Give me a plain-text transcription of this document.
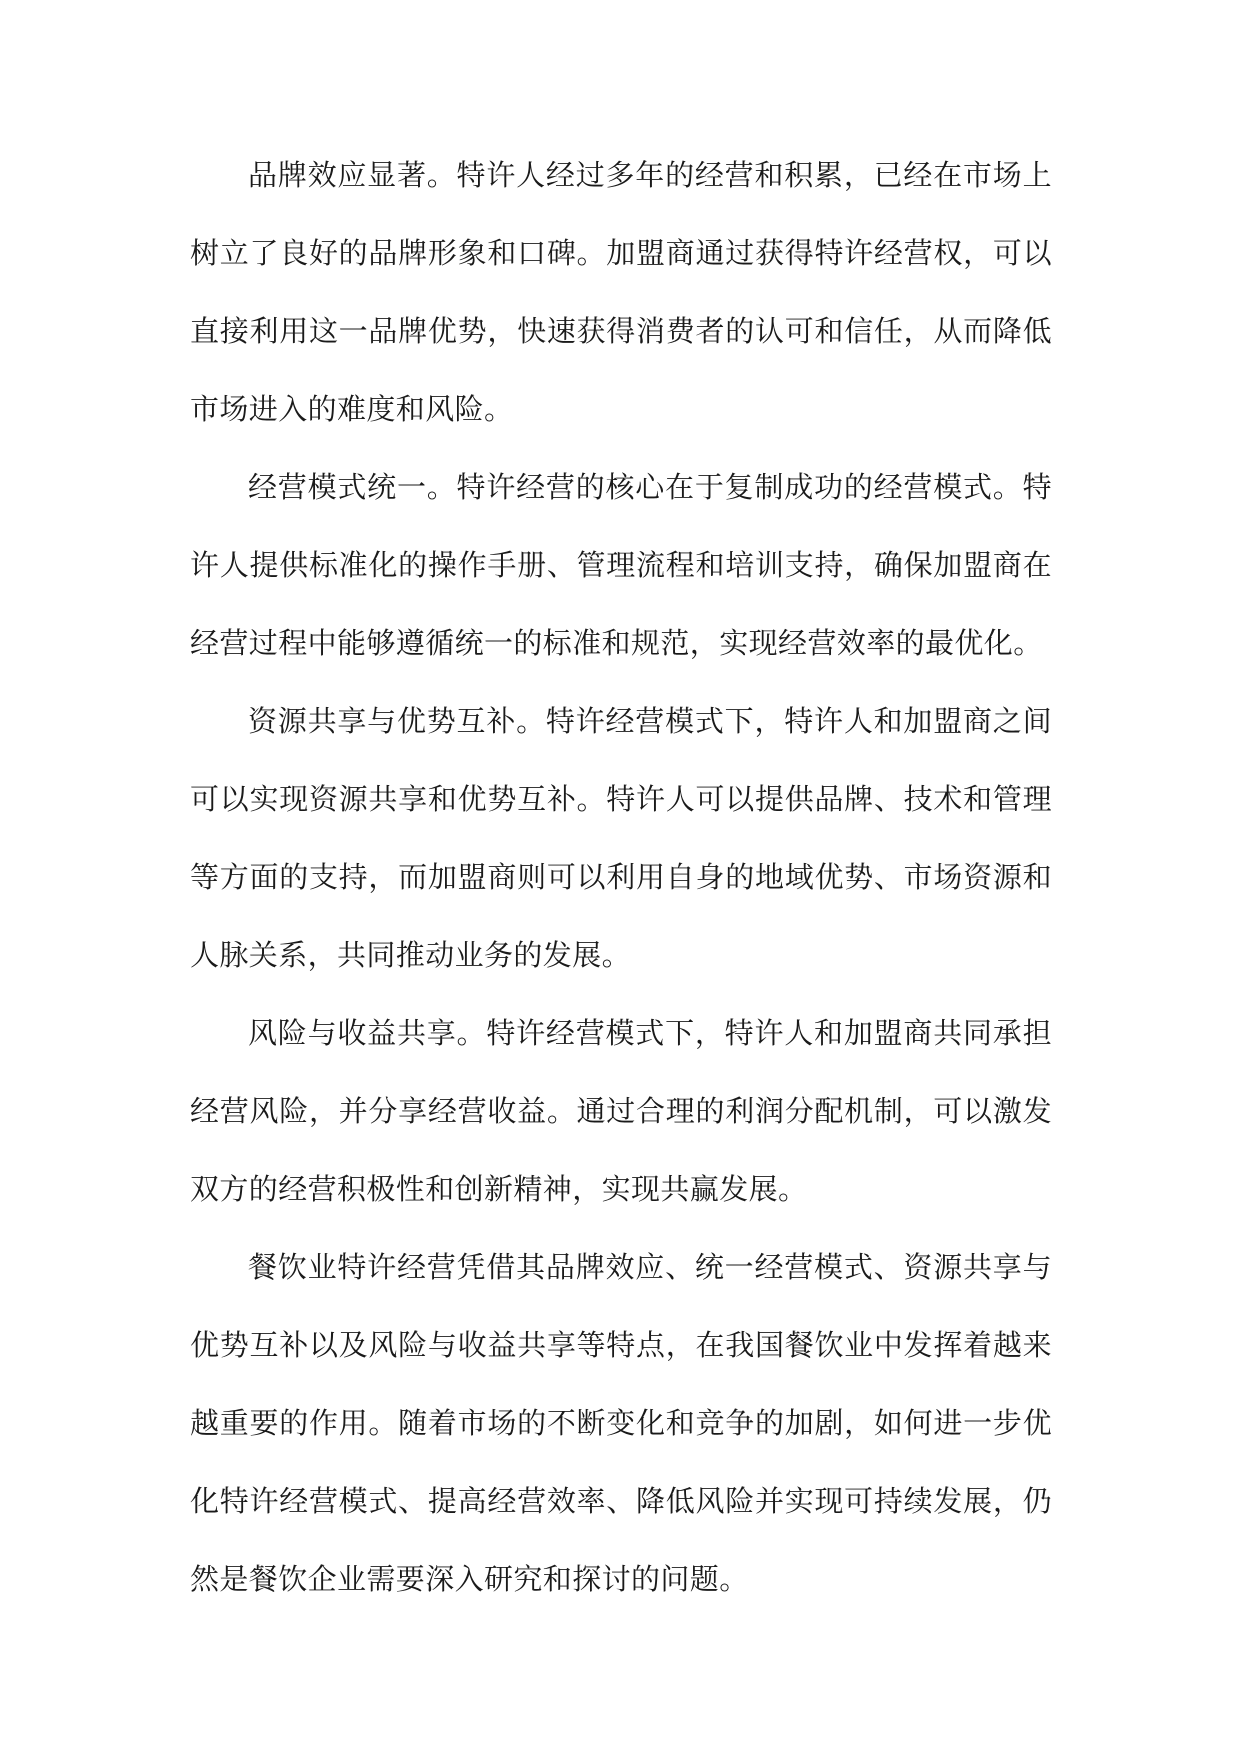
品牌效应显著。特许人经过多年的经营和积累，已经在市场上树立了良好的品牌形象和口碑。加盟商通过获得特许经营权，可以直接利用这一品牌优势，快速获得消费者的认可和信任，从而降低市场进入的难度和风险。

经营模式统一。特许经营的核心在于复制成功的经营模式。特许人提供标准化的操作手册、管理流程和培训支持，确保加盟商在经营过程中能够遵循统一的标准和规范，实现经营效率的最优化。

资源共享与优势互补。特许经营模式下，特许人和加盟商之间可以实现资源共享和优势互补。特许人可以提供品牌、技术和管理等方面的支持，而加盟商则可以利用自身的地域优势、市场资源和人脉关系，共同推动业务的发展。

风险与收益共享。特许经营模式下，特许人和加盟商共同承担经营风险，并分享经营收益。通过合理的利润分配机制，可以激发双方的经营积极性和创新精神，实现共赢发展。

餐饮业特许经营凭借其品牌效应、统一经营模式、资源共享与优势互补以及风险与收益共享等特点，在我国餐饮业中发挥着越来越重要的作用。随着市场的不断变化和竞争的加剧，如何进一步优化特许经营模式、提高经营效率、降低风险并实现可持续发展，仍然是餐饮企业需要深入研究和探讨的问题。
